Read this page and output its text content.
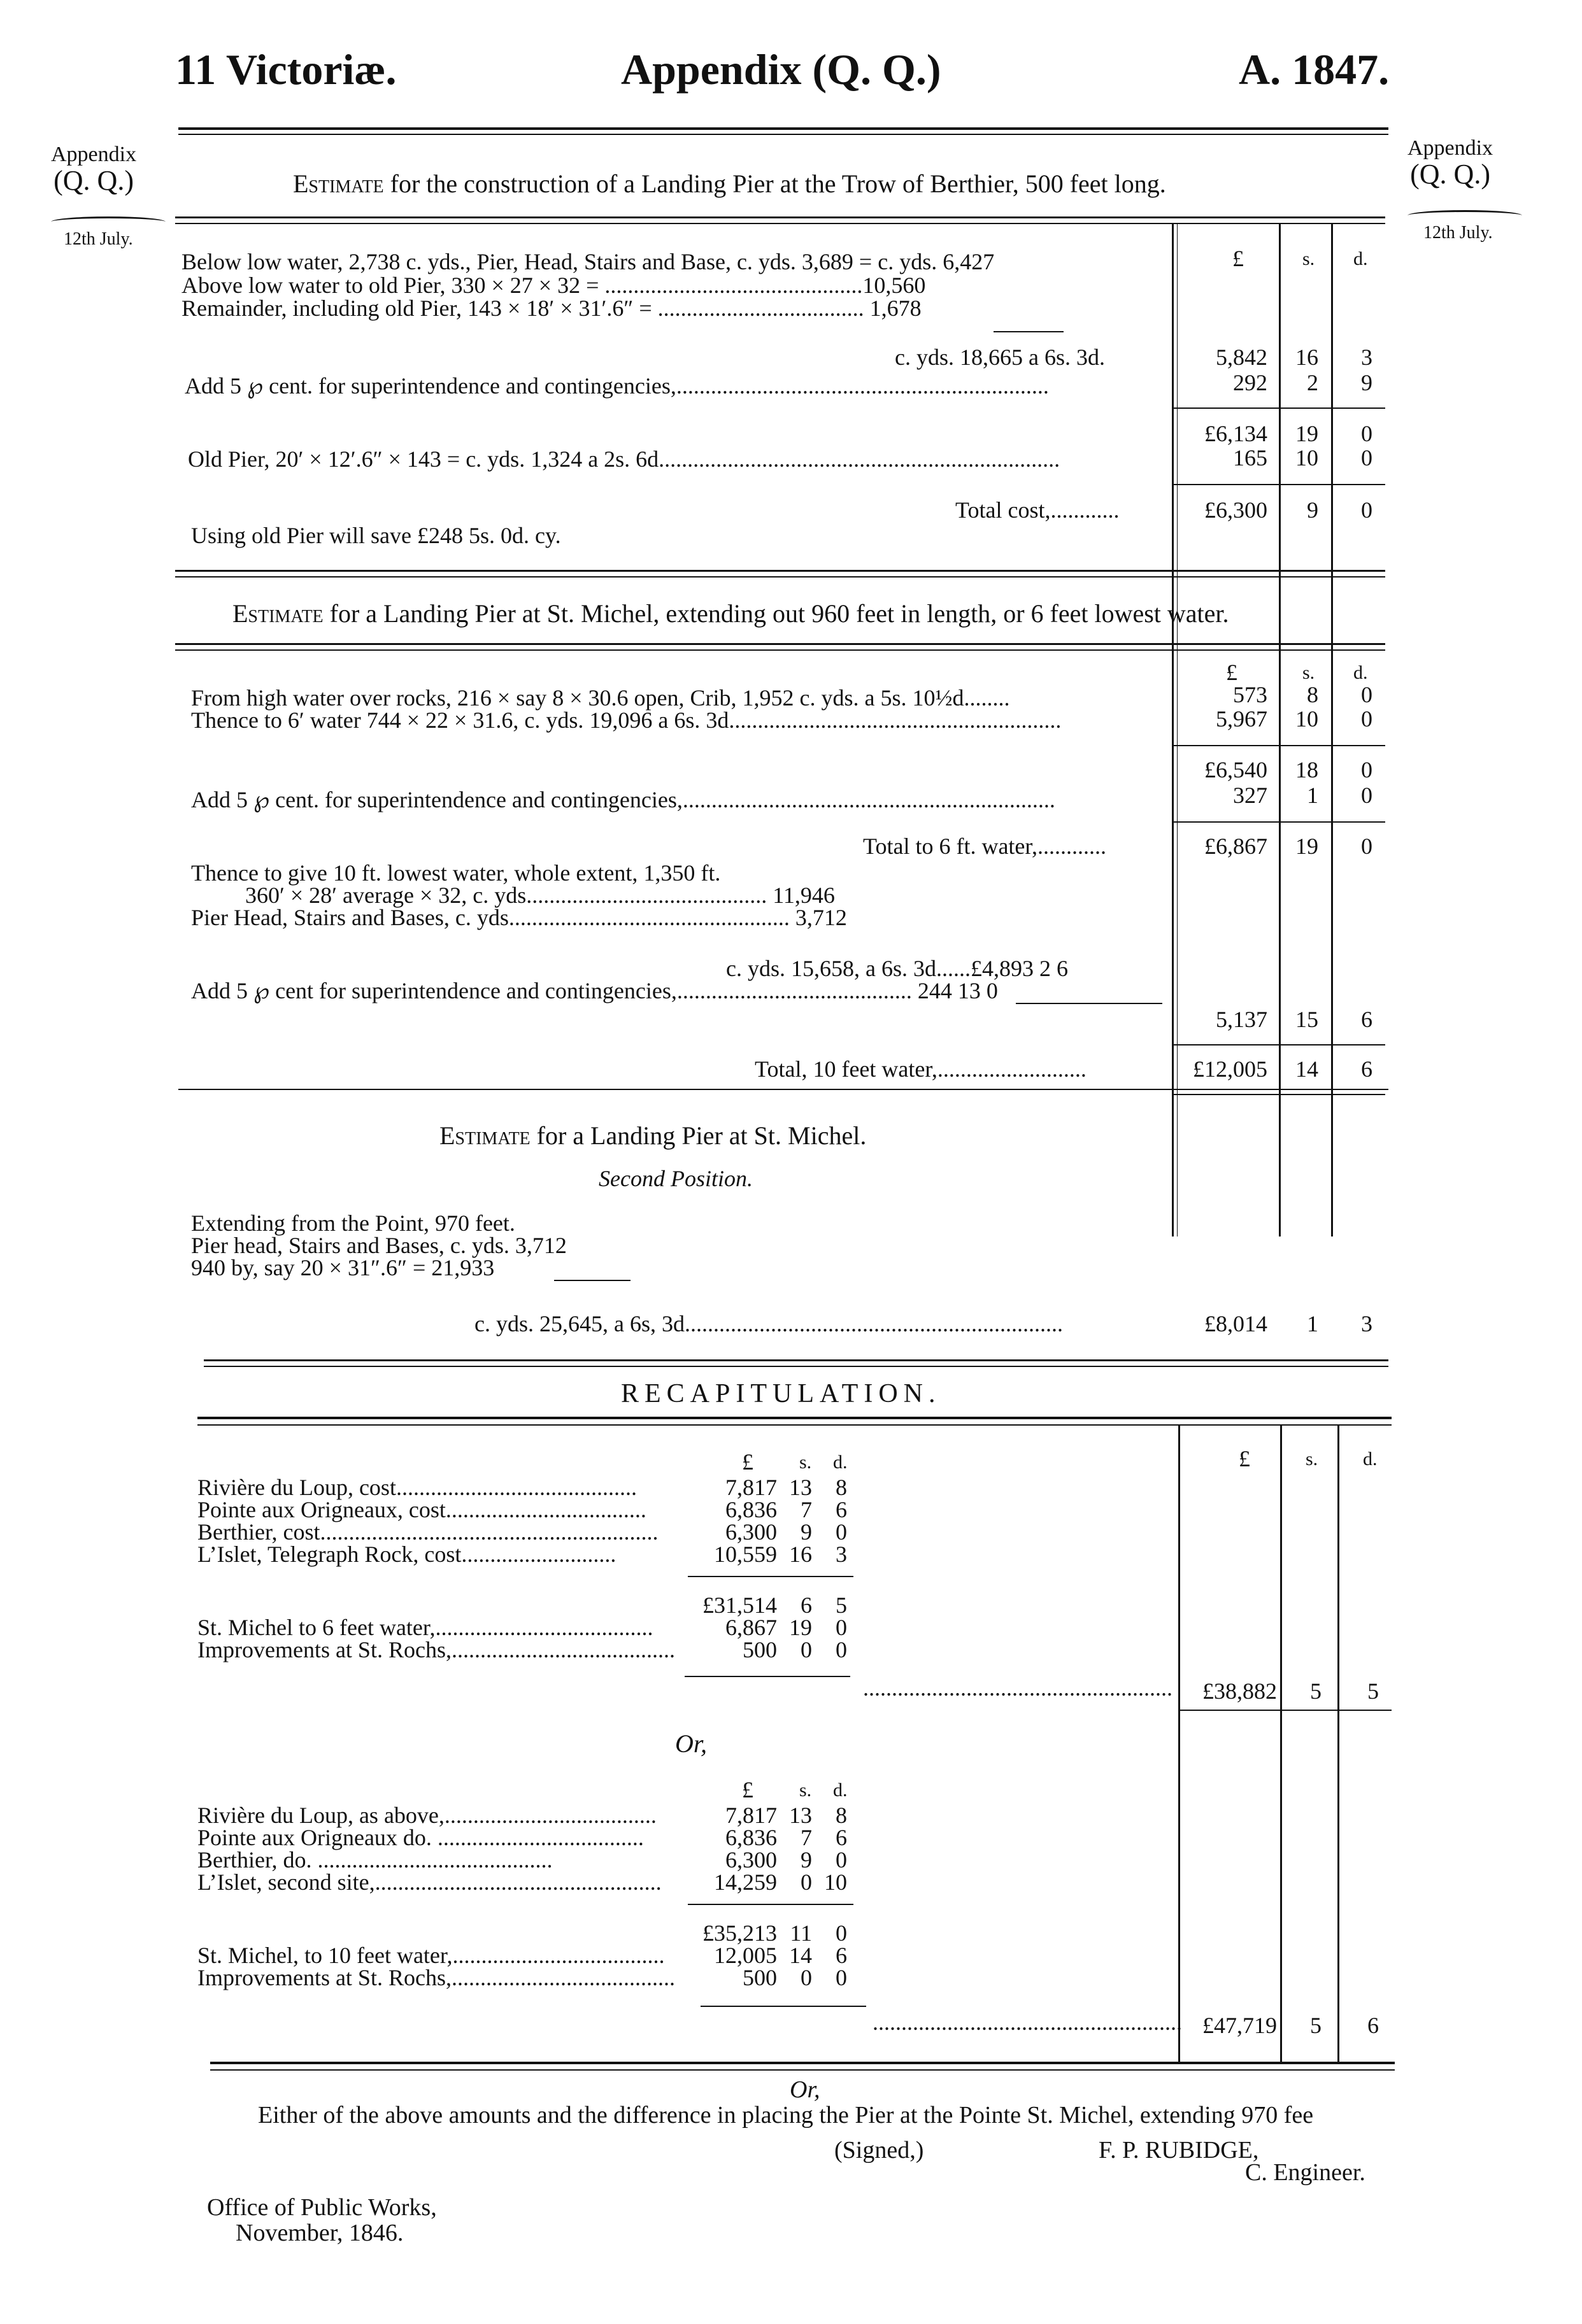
11 Victoriæ.	Appendix (Q. Q.)	A. 1847.
Appendix
(Q. Q.)
12th July.
Appendix
(Q. Q.)
12th July.
Estimate for the construction of a Landing Pier at the Trow of Berthier, 500 feet long.
£	s. d.
Below low water, 2,738 c. yds., Pier, Head, Stairs and Base, c. yds. 3,689 = c. yds. 6,427
Above low water to old Pier, 330 × 27 × 32 = .............................................10,560
Remainder, including old Pier, 143 × 18′ × 31′.6″ = .................................... 1,678
c. yds. 18,665 a 6s. 3d.	5,842	16	3
Add 5 ℘ cent. for superintendence and contingencies,.................................................................	292	2	9
£6,134	19	0
Old Pier, 20′ × 12′.6″ × 143 = c. yds. 1,324 a 2s. 6d......................................................................	165	10	0
Total cost,............	£6,300	9	0
Using old Pier will save £248 5s. 0d. cy.
Estimate for a Landing Pier at St. Michel, extending out 960 feet in length, or 6 feet lowest water.
£	s. d.
From high water over rocks, 216 × say 8 × 30.6 open, Crib, 1,952 c. yds. a 5s. 10½d........	573	8	0
Thence to 6′ water 744 × 22 × 31.6, c. yds. 19,096 a 6s. 3d..........................................................	5,967	10	0
£6,540	18	0
Add 5 ℘ cent. for superintendence and contingencies,.................................................................	327	1	0
Total to 6 ft. water,............	£6,867	19	0
Thence to give 10 ft. lowest water, whole extent, 1,350 ft.
360′ × 28′ average × 32, c. yds.......................................... 11,946
Pier Head, Stairs and Bases, c. yds................................................. 3,712
c. yds. 15,658, a 6s. 3d......£4,893 2 6
Add 5 ℘ cent for superintendence and contingencies,......................................... 244 13 0
5,137	15	6
Total, 10 feet water,..........................	£12,005	14	6
Estimate for a Landing Pier at St. Michel.
Second Position.
Extending from the Point, 970 feet.
Pier head, Stairs and Bases, c. yds. 3,712
940 by, say 20 × 31″.6″ = 21,933
c. yds. 25,645, a 6s, 3d..................................................................	£8,014	1	3
RECAPITULATION.
£	s. d.
£ s. d.
Rivière du Loup, cost..........................................	7,817 13	8
Pointe aux Origneaux, cost...................................	6,836	7	6
Berthier, cost...........................................................	6,300	9	0
L’Islet, Telegraph Rock, cost...........................	10,559 16	3
£31,514	6	5
St. Michel to 6 feet water,......................................	6,867 19	0
Improvements at St. Rochs,.......................................	500	0	0
......................................................	£38,882	5	5
Or,
£ s. d.
Rivière du Loup, as above,.....................................	7,817 13	8
Pointe aux Origneaux do. ....................................	6,836	7	6
Berthier, do. .........................................	6,300	9	0
L’Islet, second site,..................................................	14,259	0 10
£35,213 11	0
St. Michel, to 10 feet water,.....................................	12,005 14	6
Improvements at St. Rochs,.......................................	500	0	0
...................................................... £47,719	5	6
Or,
Either of the above amounts and the difference in placing the Pier at the Pointe St. Michel, extending 970 fee
(Signed,)	F. P. RUBIDGE,
C. Engineer.
Office of Public Works,
November, 1846.
